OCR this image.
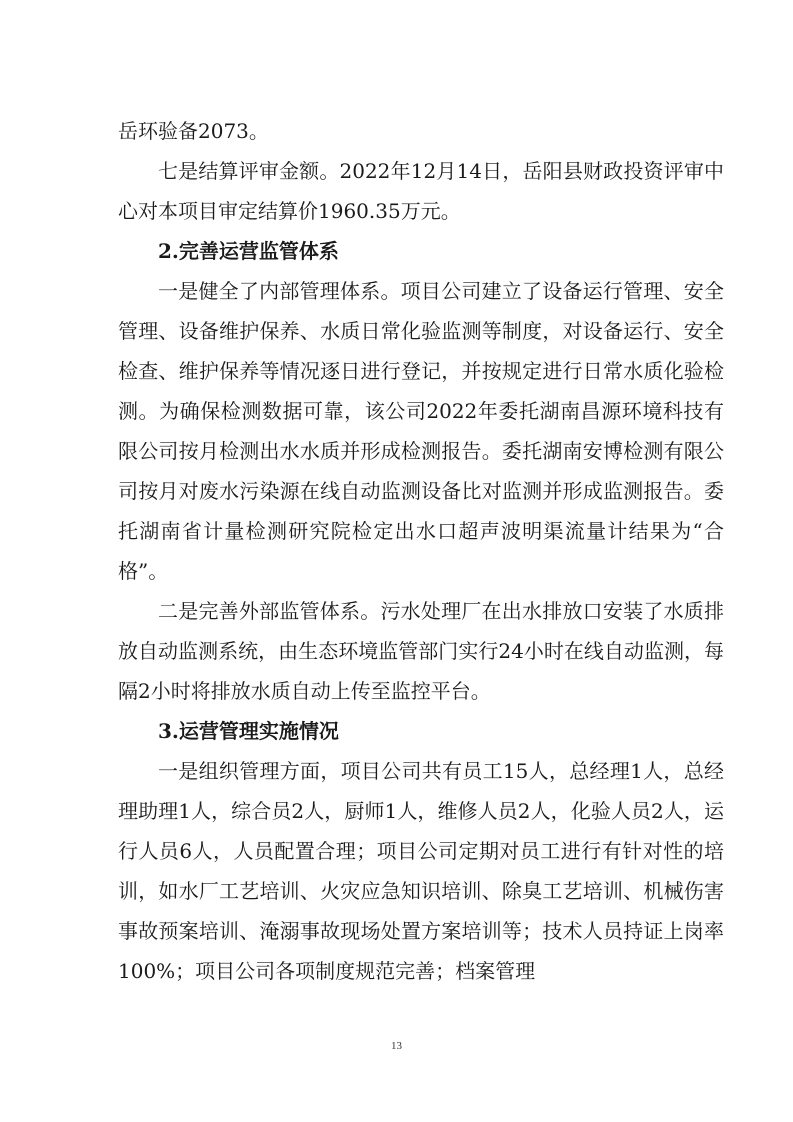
岳环验备2073。

七是结算评审金额。2022年12月14日，岳阳县财政投资评审中心对本项目审定结算价1960.35万元。

2.完善运营监管体系

一是健全了内部管理体系。项目公司建立了设备运行管理、安全管理、设备维护保养、水质日常化验监测等制度，对设备运行、安全检查、维护保养等情况逐日进行登记，并按规定进行日常水质化验检测。为确保检测数据可靠，该公司2022年委托湖南昌源环境科技有限公司按月检测出水水质并形成检测报告。委托湖南安博检测有限公司按月对废水污染源在线自动监测设备比对监测并形成监测报告。委托湖南省计量检测研究院检定出水口超声波明渠流量计结果为“合格”。

二是完善外部监管体系。污水处理厂在出水排放口安装了水质排放自动监测系统，由生态环境监管部门实行24小时在线自动监测，每隔2小时将排放水质自动上传至监控平台。

3.运营管理实施情况

一是组织管理方面，项目公司共有员工15人，总经理1人，总经理助理1人，综合员2人，厨师1人，维修人员2人，化验人员2人，运行人员6人，人员配置合理；项目公司定期对员工进行有针对性的培训，如水厂工艺培训、火灾应急知识培训、除臭工艺培训、机械伤害事故预案培训、淹溺事故现场处置方案培训等；技术人员持证上岗率100%；项目公司各项制度规范完善；档案管理

13
